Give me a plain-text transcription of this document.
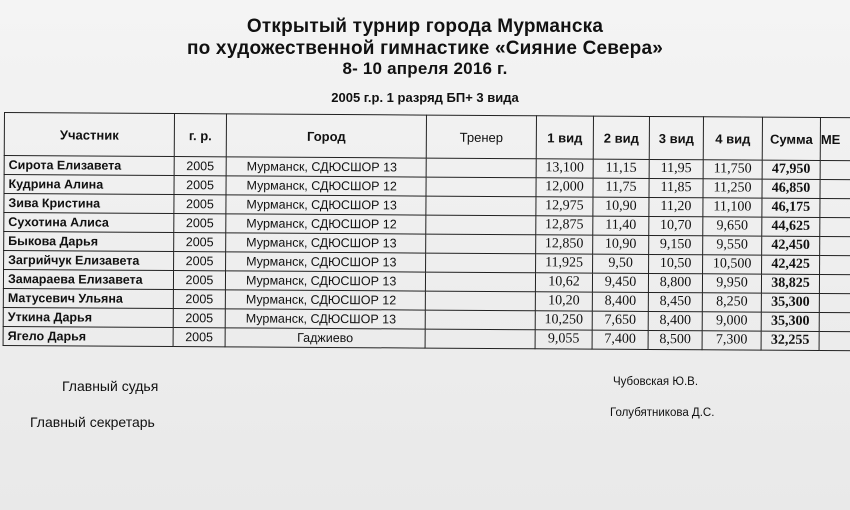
Открытый турнир города Мурманска
по художественной гимнастике «Сияние Севера»
8- 10 апреля 2016 г.
2005 г.р. 1 разряд БП+ 3 вида
Участник	г. р.	Город	Тренер	1 вид	2 вид	3 вид	4 вид	Сумма	МЕ
Сирота Елизавета	2005	Мурманск, СДЮСШОР 13		13,100	11,15	11,95	11,750	47,950	
Кудрина Алина	2005	Мурманск, СДЮСШОР 12		12,000	11,75	11,85	11,250	46,850	
Зива Кристина	2005	Мурманск, СДЮСШОР 13		12,975	10,90	11,20	11,100	46,175	
Сухотина Алиса	2005	Мурманск, СДЮСШОР 12		12,875	11,40	10,70	9,650	44,625	
Быкова Дарья	2005	Мурманск, СДЮСШОР 13		12,850	10,90	9,150	9,550	42,450	
Загрийчук Елизавета	2005	Мурманск, СДЮСШОР 13		11,925	9,50	10,50	10,500	42,425	
Замараева Елизавета	2005	Мурманск, СДЮСШОР 13		10,62	9,450	8,800	9,950	38,825	
Матусевич Ульяна	2005	Мурманск, СДЮСШОР 12		10,20	8,400	8,450	8,250	35,300	
Уткина Дарья	2005	Мурманск, СДЮСШОР 13		10,250	7,650	8,400	9,000	35,300	
Ягело Дарья	2005	Гаджиево		9,055	7,400	8,500	7,300	32,255	
Главный судья	Чубовская Ю.В.
Главный секретарь
Голубятникова Д.С.
